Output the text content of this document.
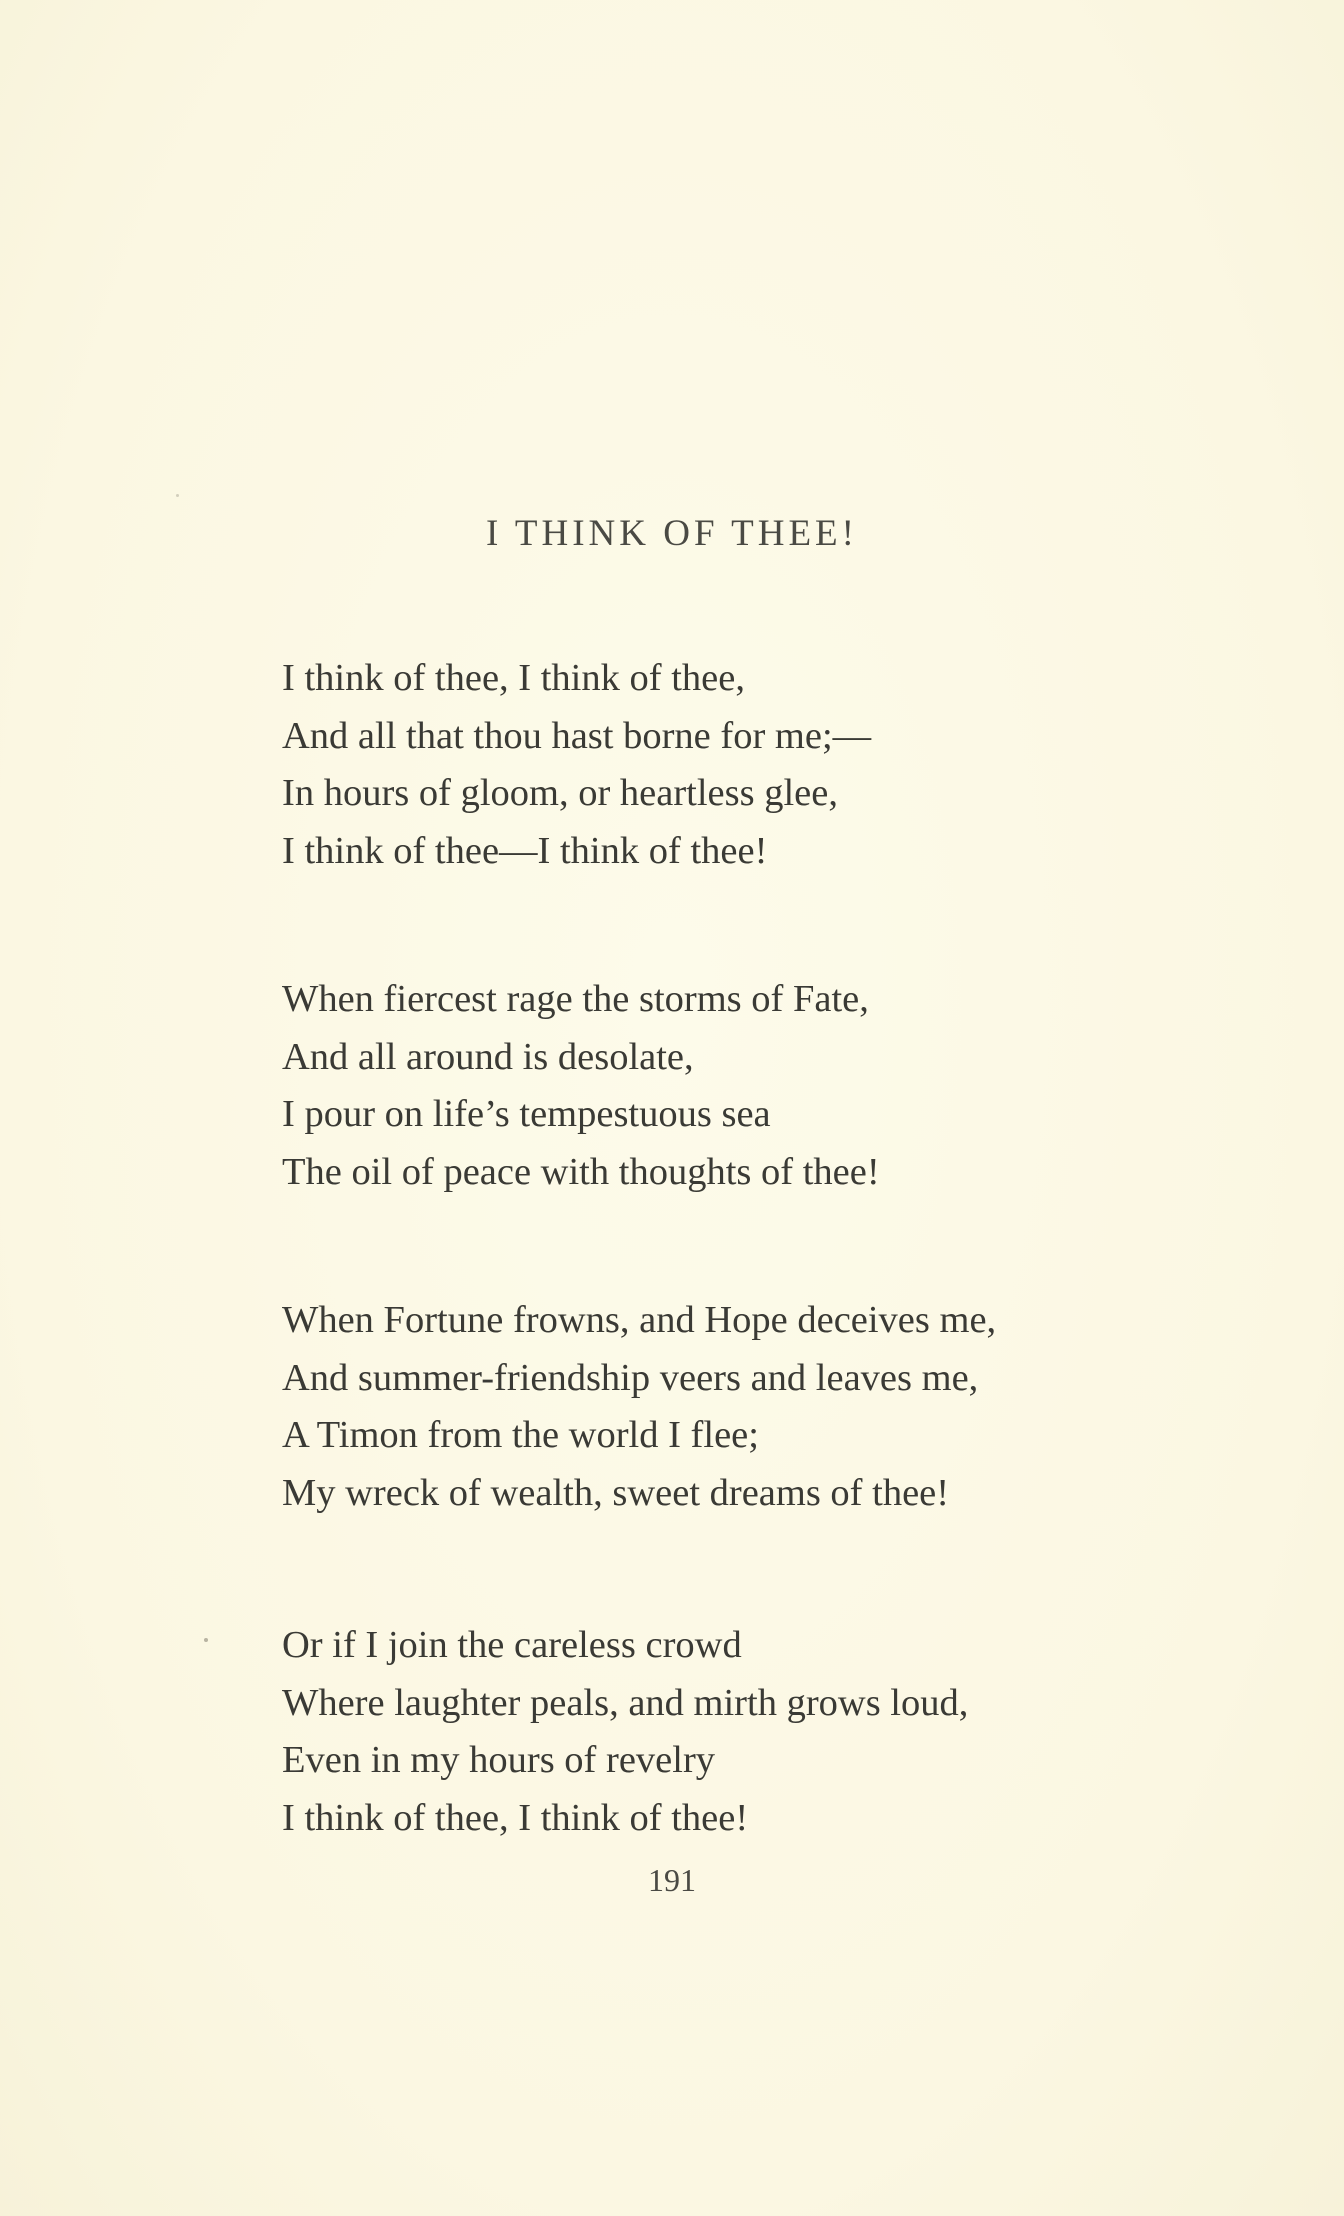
I THINK OF THEE!
I think of thee, I think of thee,
And all that thou hast borne for me;—
In hours of gloom, or heartless glee,
I think of thee—I think of thee!
When fiercest rage the storms of Fate,
And all around is desolate,
I pour on life’s tempestuous sea
The oil of peace with thoughts of thee!
When Fortune frowns, and Hope deceives me,
And summer-friendship veers and leaves me,
A Timon from the world I flee;
My wreck of wealth, sweet dreams of thee!
Or if I join the careless crowd
Where laughter peals, and mirth grows loud,
Even in my hours of revelry
I think of thee, I think of thee!
191
